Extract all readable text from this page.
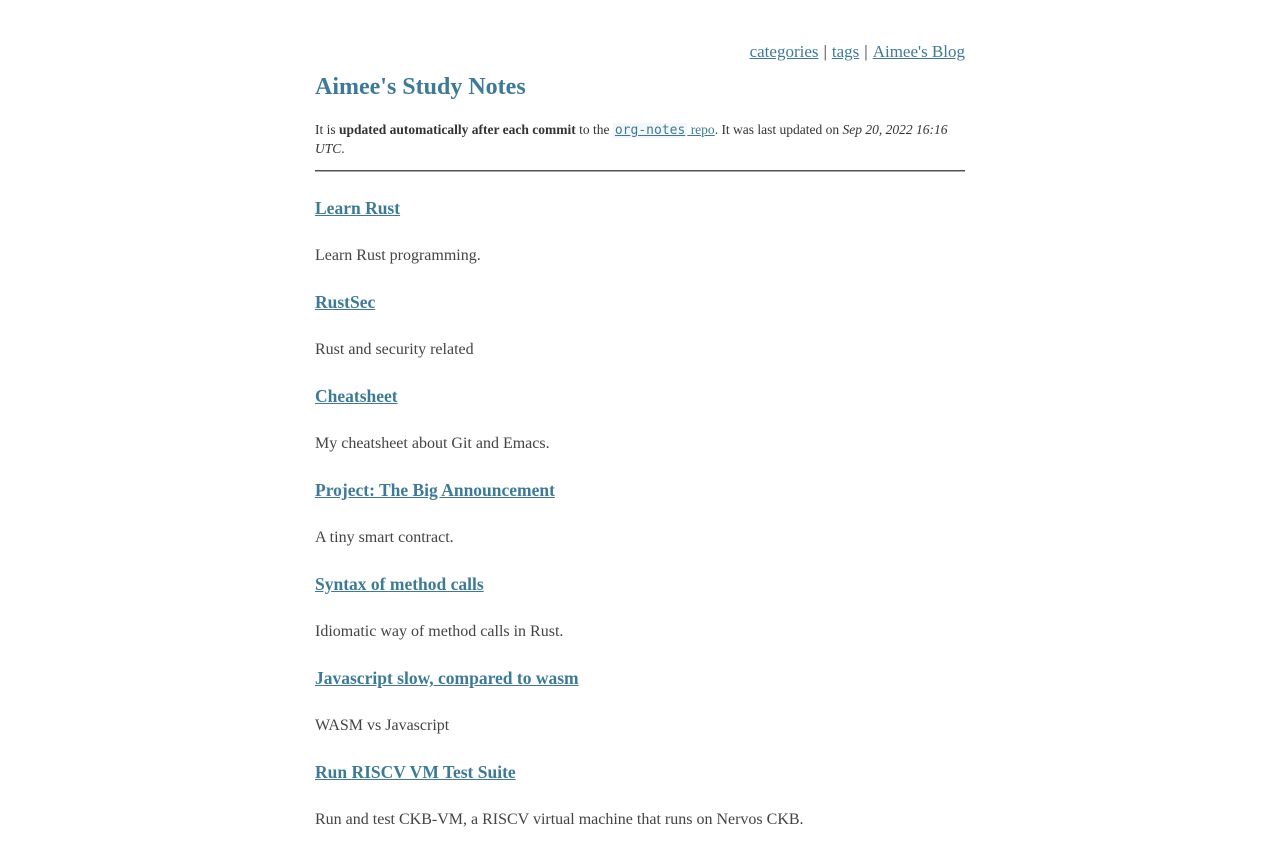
categories | tags | Aimee's Blog
Aimee's Study Notes

It is updated automatically after each commit to the org-notes repo. It was last updated on Sep 20, 2022 16:16 UTC.

Learn Rust

Learn Rust programming.

RustSec

Rust and security related

Cheatsheet

My cheatsheet about Git and Emacs.

Project: The Big Announcement

A tiny smart contract.

Syntax of method calls

Idiomatic way of method calls in Rust.

Javascript slow, compared to wasm

WASM vs Javascript

Run RISCV VM Test Suite

Run and test CKB-VM, a RISCV virtual machine that runs on Nervos CKB.
